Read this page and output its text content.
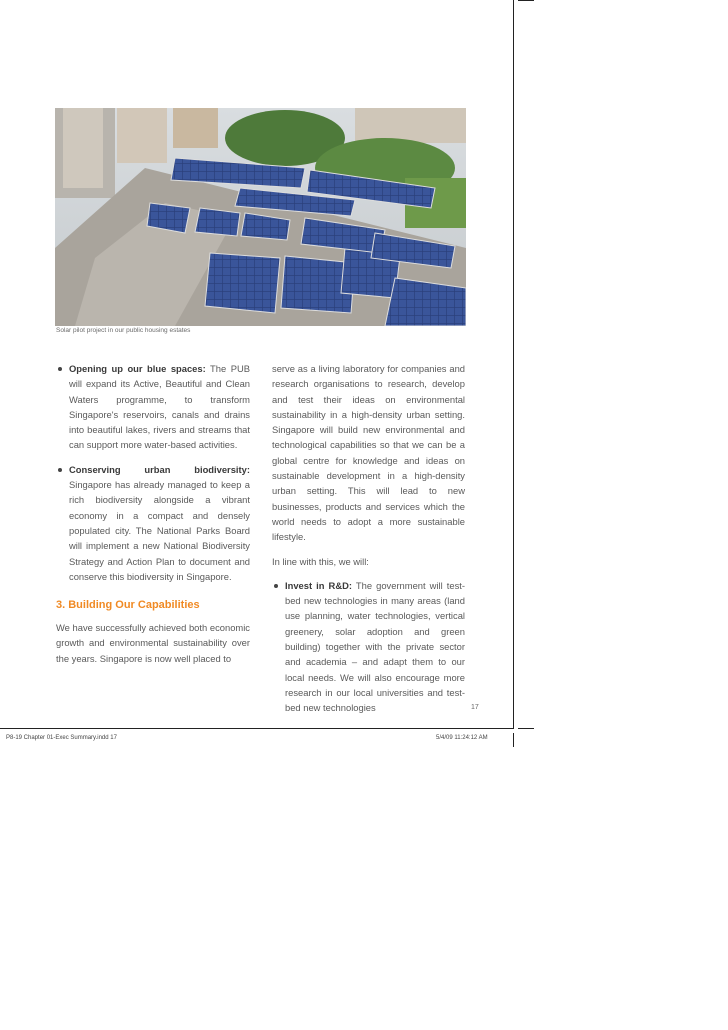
Solar pilot project in our public housing estates
Opening up our blue spaces: The PUB will expand its Active, Beautiful and Clean Waters programme, to transform Singapore's reservoirs, canals and drains into beautiful lakes, rivers and streams that can support more water-based activities.
Conserving urban biodiversity: Singapore has already managed to keep a rich biodiversity alongside a vibrant economy in a compact and densely populated city. The National Parks Board will implement a new National Biodiversity Strategy and Action Plan to document and conserve this biodiversity in Singapore.
3. Building Our Capabilities
We have successfully achieved both economic growth and environmental sustainability over the years. Singapore is now well placed to
serve as a living laboratory for companies and research organisations to research, develop and test their ideas on environmental sustainability in a high-density urban setting. Singapore will build new environmental and technological capabilities so that we can be a global centre for knowledge and ideas on sustainable development in a high-density urban setting. This will lead to new businesses, products and services which the world needs to adopt a more sustainable lifestyle.
In line with this, we will:
Invest in R&D: The government will test-bed new technologies in many areas (land use planning, water technologies, vertical greenery, solar adoption and green building) together with the private sector and academia – and adapt them to our local needs. We will also encourage more research in our local universities and test-bed new technologies	17
P8-19 Chapter 01-Exec Summary.indd 17	5/4/09 11:24:12 AM
